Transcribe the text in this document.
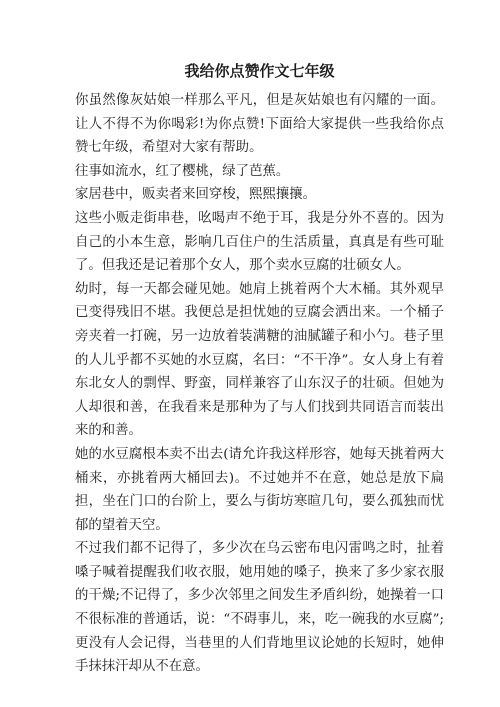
我给你点赞作文七年级

你虽然像灰姑娘一样那么平凡，但是灰姑娘也有闪耀的一面。让人不得不为你喝彩!为你点赞!下面给大家提供一些我给你点赞七年级，希望对大家有帮助。

往事如流水，红了樱桃，绿了芭蕉。

家居巷中，贩卖者来回穿梭，熙熙攘攘。

这些小贩走街串巷，吆喝声不绝于耳，我是分外不喜的。因为自己的小本生意，影响几百住户的生活质量，真真是有些可耻了。但我还是记着那个女人，那个卖水豆腐的壮硕女人。

幼时，每一天都会碰见她。她肩上挑着两个大木桶。其外观早已变得残旧不堪。我便总是担忧她的豆腐会洒出来。一个桶子旁夹着一打碗，另一边放着装满糖的油腻罐子和小勺。巷子里的人儿乎都不买她的水豆腐，名曰：“不干净”。女人身上有着东北女人的剽悍、野蛮，同样兼容了山东汉子的壮硕。但她为人却很和善，在我看来是那种为了与人们找到共同语言而装出来的和善。

她的水豆腐根本卖不出去(请允许我这样形容，她每天挑着两大桶来，亦挑着两大桶回去)。不过她并不在意，她总是放下扁担，坐在门口的台阶上，要么与街坊寒暄几句，要么孤独而忧郁的望着天空。

不过我们都不记得了，多少次在乌云密布电闪雷鸣之时，扯着嗓子喊着提醒我们收衣服，她用她的嗓子，换来了多少家衣服的干燥;不记得了，多少次邻里之间发生矛盾纠纷，她操着一口不很标准的普通话，说：“不碍事儿，来，吃一碗我的水豆腐”;更没有人会记得，当巷里的人们背地里议论她的长短时，她伸手抹抹汗却从不在意。
